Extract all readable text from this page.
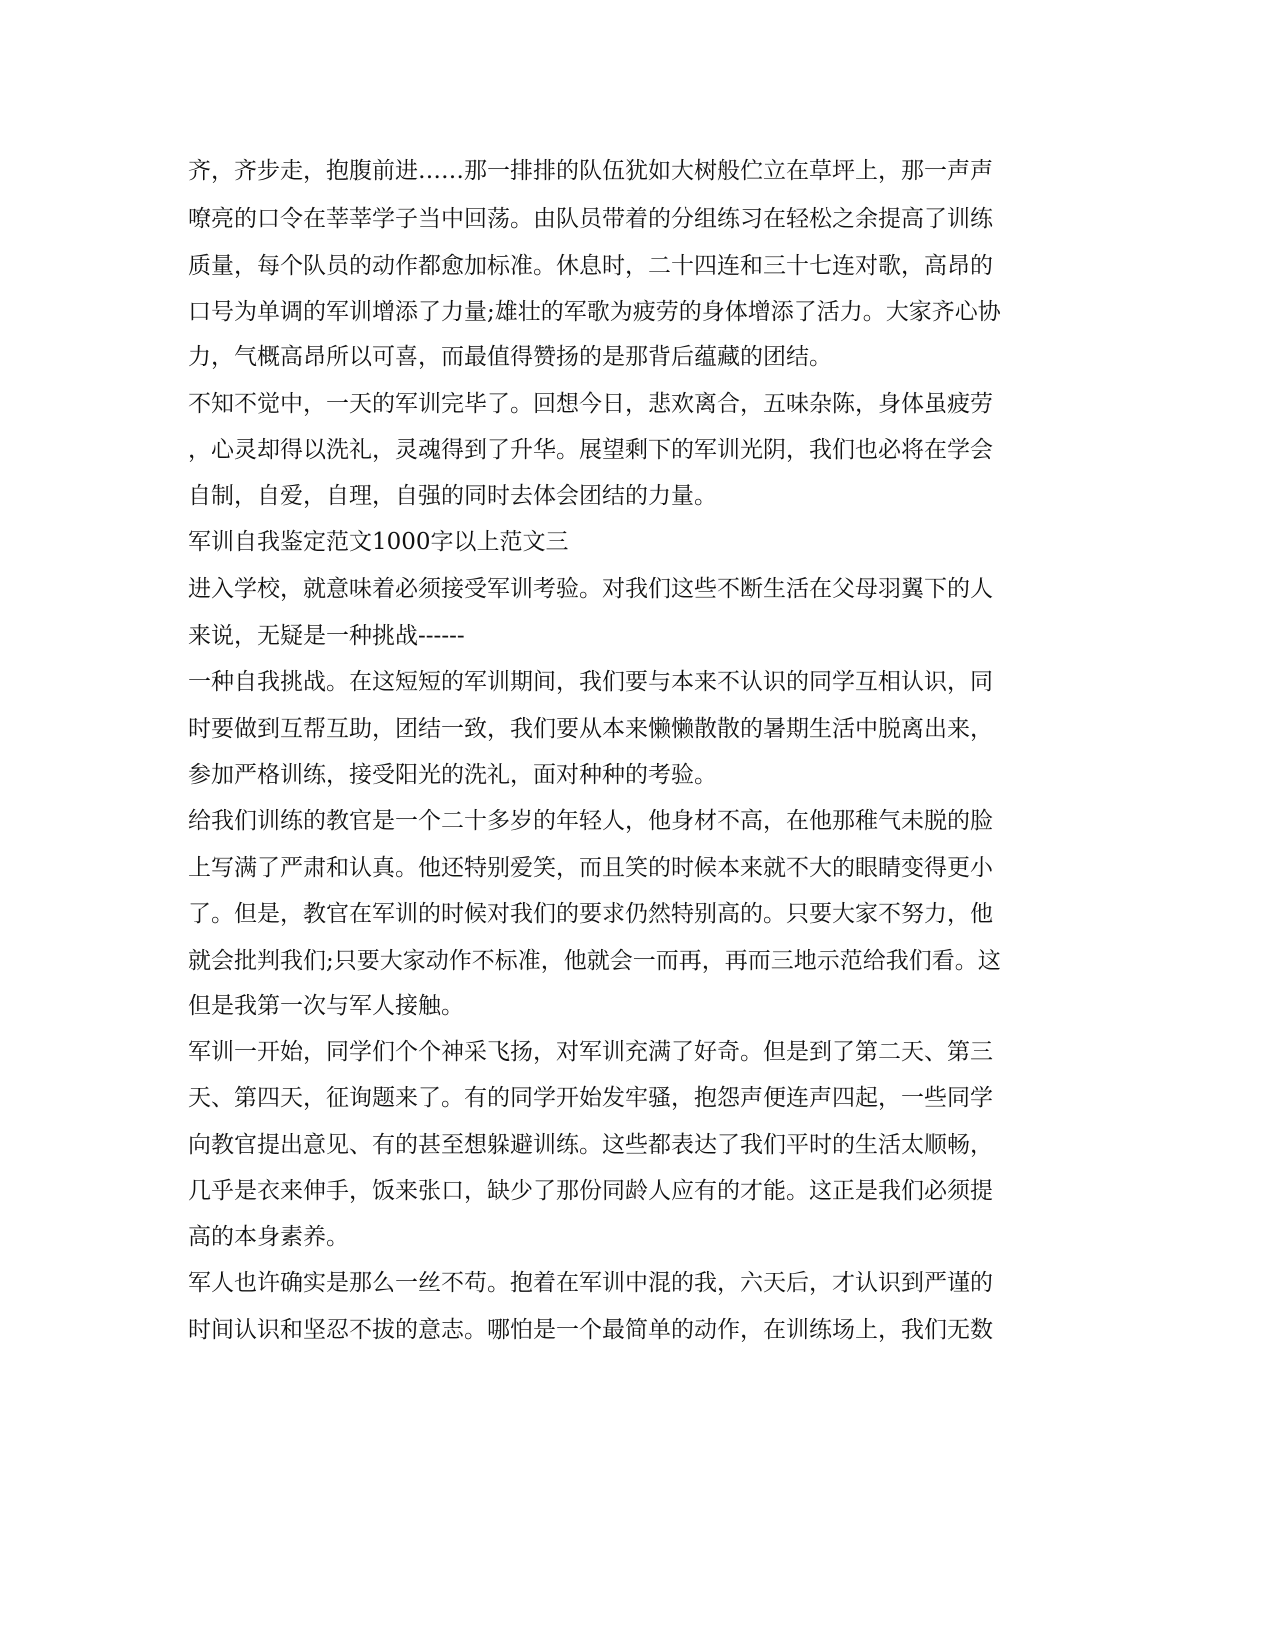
齐，齐步走，抱腹前进……那一排排的队伍犹如大树般伫立在草坪上，那一声声

嘹亮的口令在莘莘学子当中回荡。由队员带着的分组练习在轻松之余提高了训练

质量，每个队员的动作都愈加标准。休息时，二十四连和三十七连对歌，高昂的

口号为单调的军训增添了力量;雄壮的军歌为疲劳的身体增添了活力。大家齐心协

力，气概高昂所以可喜，而最值得赞扬的是那背后蕴藏的团结。

不知不觉中，一天的军训完毕了。回想今日，悲欢离合，五味杂陈，身体虽疲劳

，心灵却得以洗礼，灵魂得到了升华。展望剩下的军训光阴，我们也必将在学会

自制，自爱，自理，自强的同时去体会团结的力量。

军训自我鉴定范文1000字以上范文三

进入学校，就意味着必须接受军训考验。对我们这些不断生活在父母羽翼下的人

来说，无疑是一种挑战------

一种自我挑战。在这短短的军训期间，我们要与本来不认识的同学互相认识，同

时要做到互帮互助，团结一致，我们要从本来懒懒散散的暑期生活中脱离出来，

参加严格训练，接受阳光的洗礼，面对种种的考验。

给我们训练的教官是一个二十多岁的年轻人，他身材不高，在他那稚气未脱的脸

上写满了严肃和认真。他还特别爱笑，而且笑的时候本来就不大的眼睛变得更小

了。但是，教官在军训的时候对我们的要求仍然特别高的。只要大家不努力，他

就会批判我们;只要大家动作不标准，他就会一而再，再而三地示范给我们看。这

但是我第一次与军人接触。

军训一开始，同学们个个神采飞扬，对军训充满了好奇。但是到了第二天、第三

天、第四天，征询题来了。有的同学开始发牢骚，抱怨声便连声四起，一些同学

向教官提出意见、有的甚至想躲避训练。这些都表达了我们平时的生活太顺畅，

几乎是衣来伸手，饭来张口，缺少了那份同龄人应有的才能。这正是我们必须提

高的本身素养。

军人也许确实是那么一丝不苟。抱着在军训中混的我，六天后，才认识到严谨的

时间认识和坚忍不拔的意志。哪怕是一个最简单的动作，在训练场上，我们无数
